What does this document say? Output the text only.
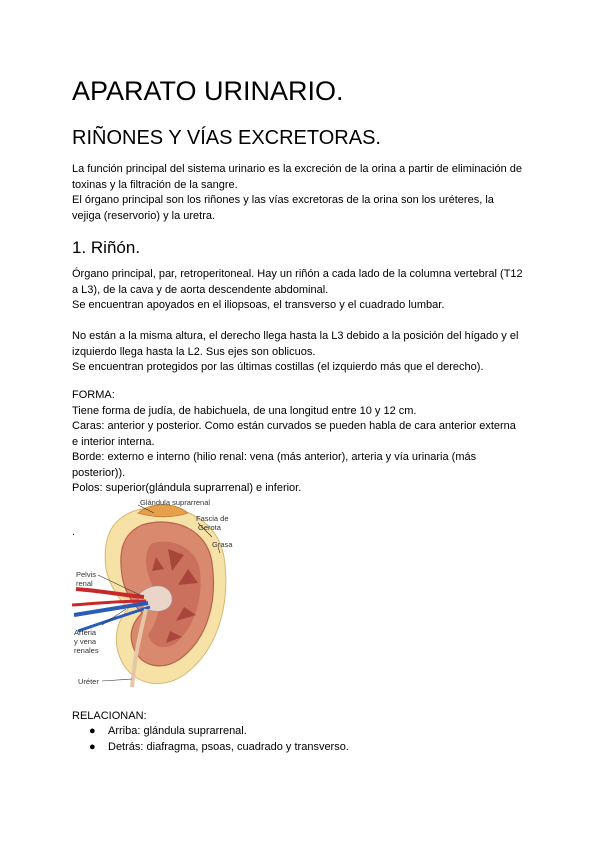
APARATO URINARIO.
RIÑONES Y VÍAS EXCRETORAS.
La función principal del sistema urinario es la excreción de la orina a partir de eliminación de
toxinas y la filtración de la sangre.
El órgano principal son los riñones y las vías excretoras de la orina son los uréteres, la
vejiga (reservorio) y la uretra.
1. Riñón.
Órgano principal, par, retroperitoneal. Hay un riñón a cada lado de la columna vertebral (T12
a L3), de la cava y de aorta descendente abdominal.
Se encuentran apoyados en el iliopsoas, el transverso y el cuadrado lumbar.
No están a la misma altura, el derecho llega hasta la L3 debido a la posición del hígado y el
izquierdo llega hasta la L2. Sus ejes son oblicuos.
Se encuentran protegidos por las últimas costillas (el izquierdo más que el derecho).
FORMA:
Tiene forma de judía, de habichuela, de una longitud entre 10 y 12 cm.
Caras: anterior y posterior. Como están curvados se pueden habla de cara anterior externa
e interior interna.
Borde: externo e interno (hilio renal: vena (más anterior), arteria y vía urinaria (más
posterior)).
Polos: superior(glándula suprarrenal) e inferior.
.
Glándula suprarrenal
Fascia de
Gerota
Grasa
Pelvis
renal
Arteria
y vena
renales
Uréter
RELACIONAN:
● Arriba: glándula suprarrenal.
● Detrás: diafragma, psoas, cuadrado y transverso.
